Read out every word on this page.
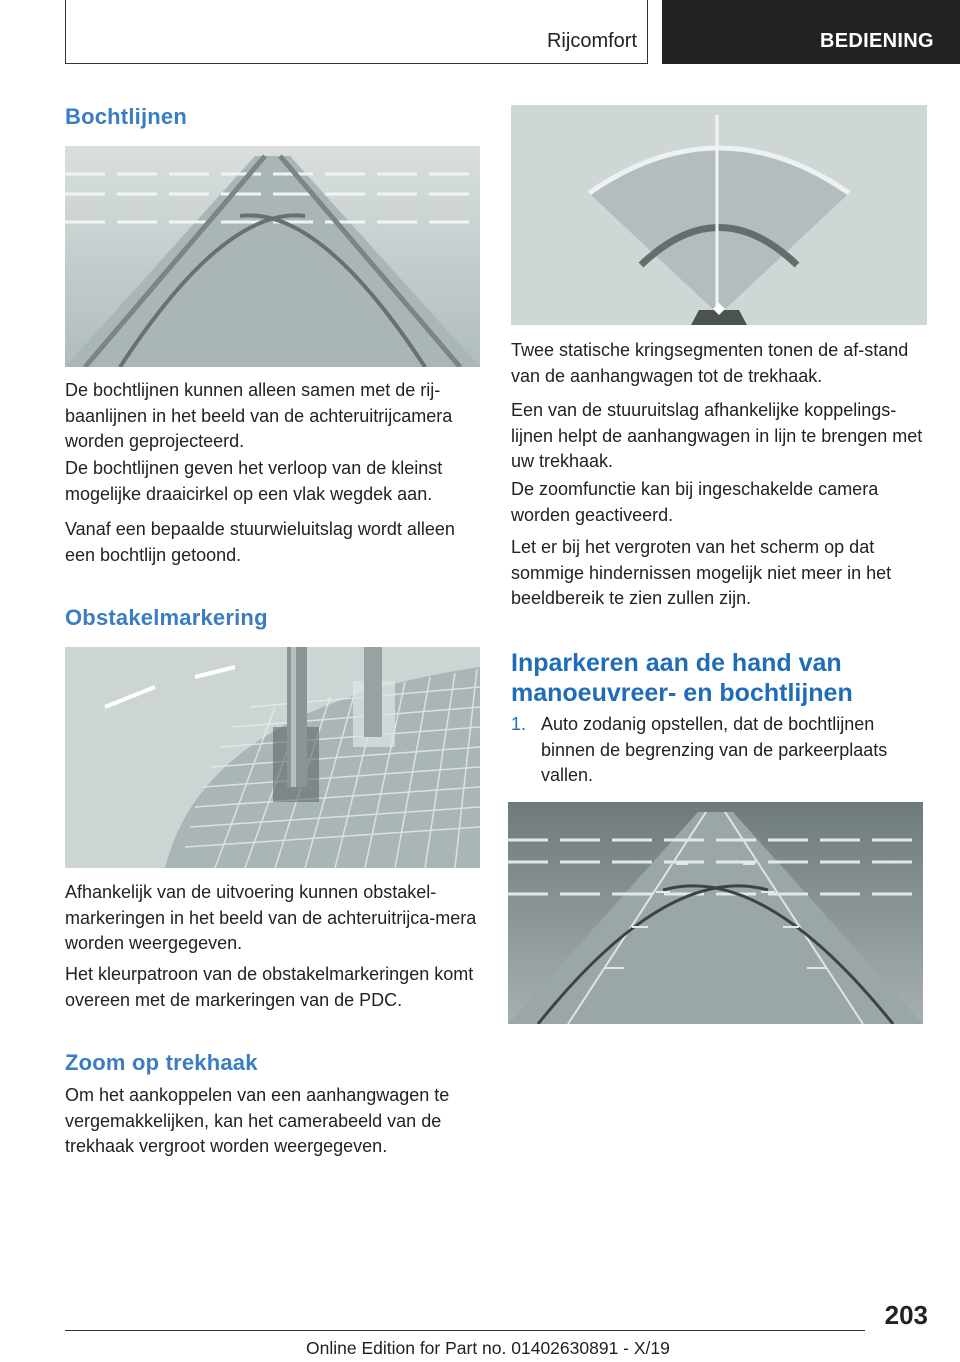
Rijcomfort	BEDIENING
Bochtlijnen

De bochtlijnen kunnen alleen samen met de rij-baanlijnen in het beeld van de achteruitrijcamera worden geprojecteerd.

De bochtlijnen geven het verloop van de kleinst mogelijke draaicirkel op een vlak wegdek aan.

Vanaf een bepaalde stuurwieluitslag wordt alleen een bochtlijn getoond.

Obstakelmarkering

Afhankelijk van de uitvoering kunnen obstakel-markeringen in het beeld van de achteruitrijca-mera worden weergegeven.

Het kleurpatroon van de obstakelmarkeringen komt overeen met de markeringen van de PDC.

Zoom op trekhaak

Om het aankoppelen van een aanhangwagen te vergemakkelijken, kan het camerabeeld van de trekhaak vergroot worden weergegeven.

Twee statische kringsegmenten tonen de af-stand van de aanhangwagen tot de trekhaak.

Een van de stuuruitslag afhankelijke koppelings-lijnen helpt de aanhangwagen in lijn te brengen met uw trekhaak.

De zoomfunctie kan bij ingeschakelde camera worden geactiveerd.

Let er bij het vergroten van het scherm op dat sommige hindernissen mogelijk niet meer in het beeldbereik te zien zullen zijn.

Inparkeren aan de hand van manoeuvreer- en bochtlijnen
1. Auto zodanig opstellen, dat de bochtlijnen binnen de begrenzing van de parkeerplaats vallen.
203
Online Edition for Part no. 01402630891 - X/19
